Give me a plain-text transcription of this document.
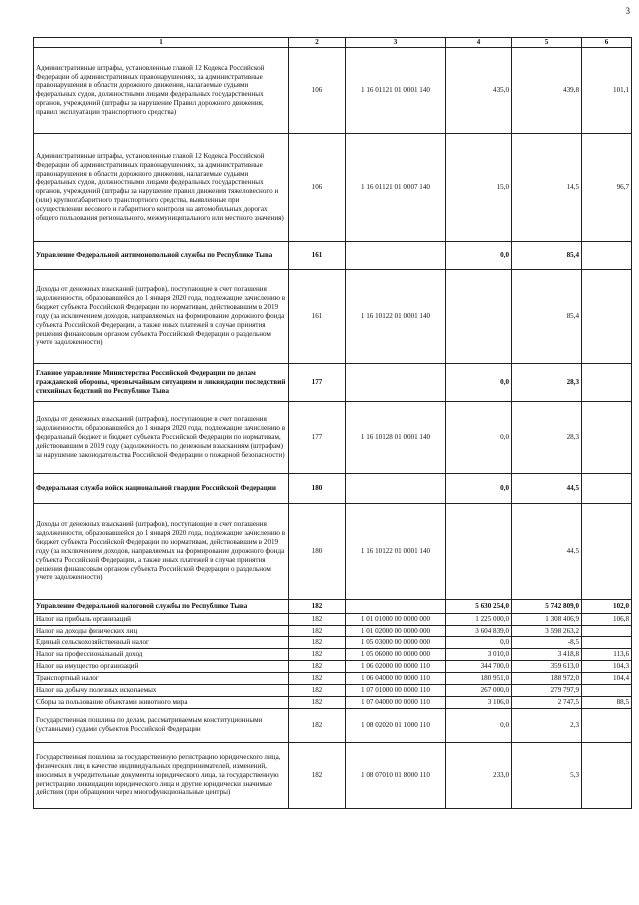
3
1	2	3	4	5	6
Административные штрафы, установленные главой 12 Кодекса Российской Федерации об административных правонарушениях, за административные правонарушения в области дорожного движения, налагаемые судьями федеральных судов, должностными лицами федеральных государственных органов, учреждений (штрафы за нарушение Правил дорожного движения, правил эксплуатации транспортного средства)	106	1 16 01121 01 0001 140	435,0	439,8	101,1
Административные штрафы, установленные главой 12 Кодекса Российской Федерации об административных правонарушениях, за административные правонарушения в области дорожного движения, налагаемые судьями федеральных судов, должностными лицами федеральных государственных органов, учреждений (штрафы за нарушение правил движения тяжеловесного и (или) крупногабаритного транспортного средства, выявленные при осуществлении весового и габаритного контроля на автомобильных дорогах общего пользования регионального, межмуниципального или местного значения)	106	1 16 01121 01 0007 140	15,0	14,5	96,7
Управление Федеральной антимонопольной службы по Республике Тыва	161		0,0	85,4	
Доходы от денежных взысканий (штрафов), поступающие в счет погашения задолженности, образовавшейся до 1 января 2020 года, подлежащие зачислению в бюджет субъекта Российской Федерации по нормативам, действовавшим в 2019 году (за исключением доходов, направляемых на формирование дорожного фонда субъекта Российской Федерации, а также иных платежей в случае принятия решения финансовым органом субъекта Российской Федерации о раздельном учете задолженности)	161	1 16 10122 01 0001 140		85,4	
Главное управление Министерства Российской Федерации по делам гражданской обороны, чрезвычайным ситуациям и ликвидации последствий стихийных бедствий по Республике Тыва	177		0,0	28,3	
Доходы от денежных взысканий (штрафов), поступающие в счет погашения задолженности, образовавшейся до 1 января 2020 года, подлежащие зачислению в федеральный бюджет и бюджет субъекта Российской Федерации по нормативам, действовавшим в 2019 году (задолженность по денежным взысканиям (штрафам) за нарушение законодательства Российской Федерации о пожарной безопасности)	177	1 16 10128 01 0001 140	0,0	28,3	
Федеральная служба войск национальной гвардии Российской Федерации	180		0,0	44,5	
Доходы от денежных взысканий (штрафов), поступающие в счет погашения задолженности, образовавшейся до 1 января 2020 года, подлежащие зачислению в бюджет субъекта Российской Федерации по нормативам, действовавшим в 2019 году (за исключением доходов, направляемых на формирование дорожного фонда субъекта Российской Федерации, а также иных платежей в случае принятия решения финансовым органом субъекта Российской Федерации о раздельном учете задолженности)	180	1 16 10122 01 0001 140		44,5	
Управление Федеральной налоговой службы по Республике Тыва	182		5 630 254,0	5 742 809,0	102,0
Налог на прибыль организаций	182	1 01 01000 00 0000 000	1 225 000,0	1 308 406,9	106,8
Налог на доходы физических лиц	182	1 01 02000 00 0000 000	3 604 839,0	3 598 263,2	
Единый сельскохозяйственный налог	182	1 05 03000 00 0000 000	0,0	-8,5	
Налог на профессиональный доход	182	1 05 06000 00 0000 000	3 010,0	3 418,8	113,6
Налог на имущество организаций	182	1 06 02000 00 0000 110	344 700,0	359 613,0	104,3
Транспортный налог	182	1 06 04000 00 0000 110	180 951,0	188 972,0	104,4
Налог на добычу полезных ископаемых	182	1 07 01000 00 0000 110	267 000,0	279 797,9	
Сборы за пользование объектами животного мира	182	1 07 04000 00 0000 110	3 106,0	2 747,5	88,5
Государственная пошлина по делам, рассматриваемым конституционными (уставными) судами субъектов Российской Федерации	182	1 08 02020 01 1000 110	0,0	2,3	
Государственная пошлина за государственную регистрацию юридического лица, физических лиц в качестве индивидуальных предпринимателей, изменений, вносимых в учредительные документы юридического лица, за государственную регистрацию ликвидации юридического лица и другие юридически значимые действия (при обращении через многофункциональные центры)	182	1 08 07010 01 8000 110	233,0	5,3	
